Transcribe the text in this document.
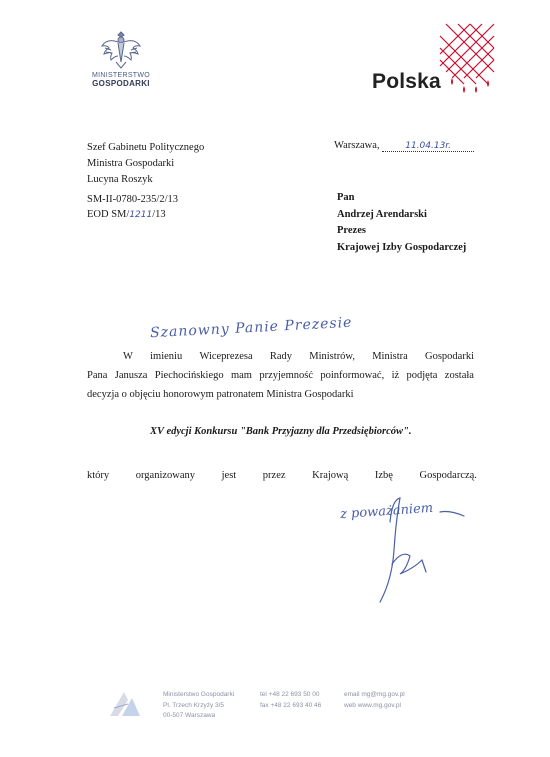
MINISTERSTWO
GOSPODARKI	Polska
Szef Gabinetu Politycznego
Ministra Gospodarki
Lucyna Roszyk
SM-II-0780-235/2/13
EOD SM/1211/13
Warszawa,	11.04.13r.
Pan
Andrzej Arendarski
Prezes
Krajowej Izby Gospodarczej
Szanowny Panie Prezesie
W imieniu Wiceprezesa Rady Ministrów, Ministra Gospodarki
Pana Janusza Piechocińskiego mam przyjemność poinformować, iż podjęta została
decyzja o objęciu honorowym patronatem Ministra Gospodarki
XV edycji Konkursu "Bank Przyjazny dla Przedsiębiorców".
który	organizowany	jest	przez	Krajową	Izbę	Gospodarczą.
z poważaniem
Ministerstwo Gospodarki
Pl. Trzech Krzyży 3/5
00-507 Warszawa
tel +48 22 693 50 00
fax +48 22 693 40 46
email mg@mg.gov.pl
web www.mg.gov.pl
